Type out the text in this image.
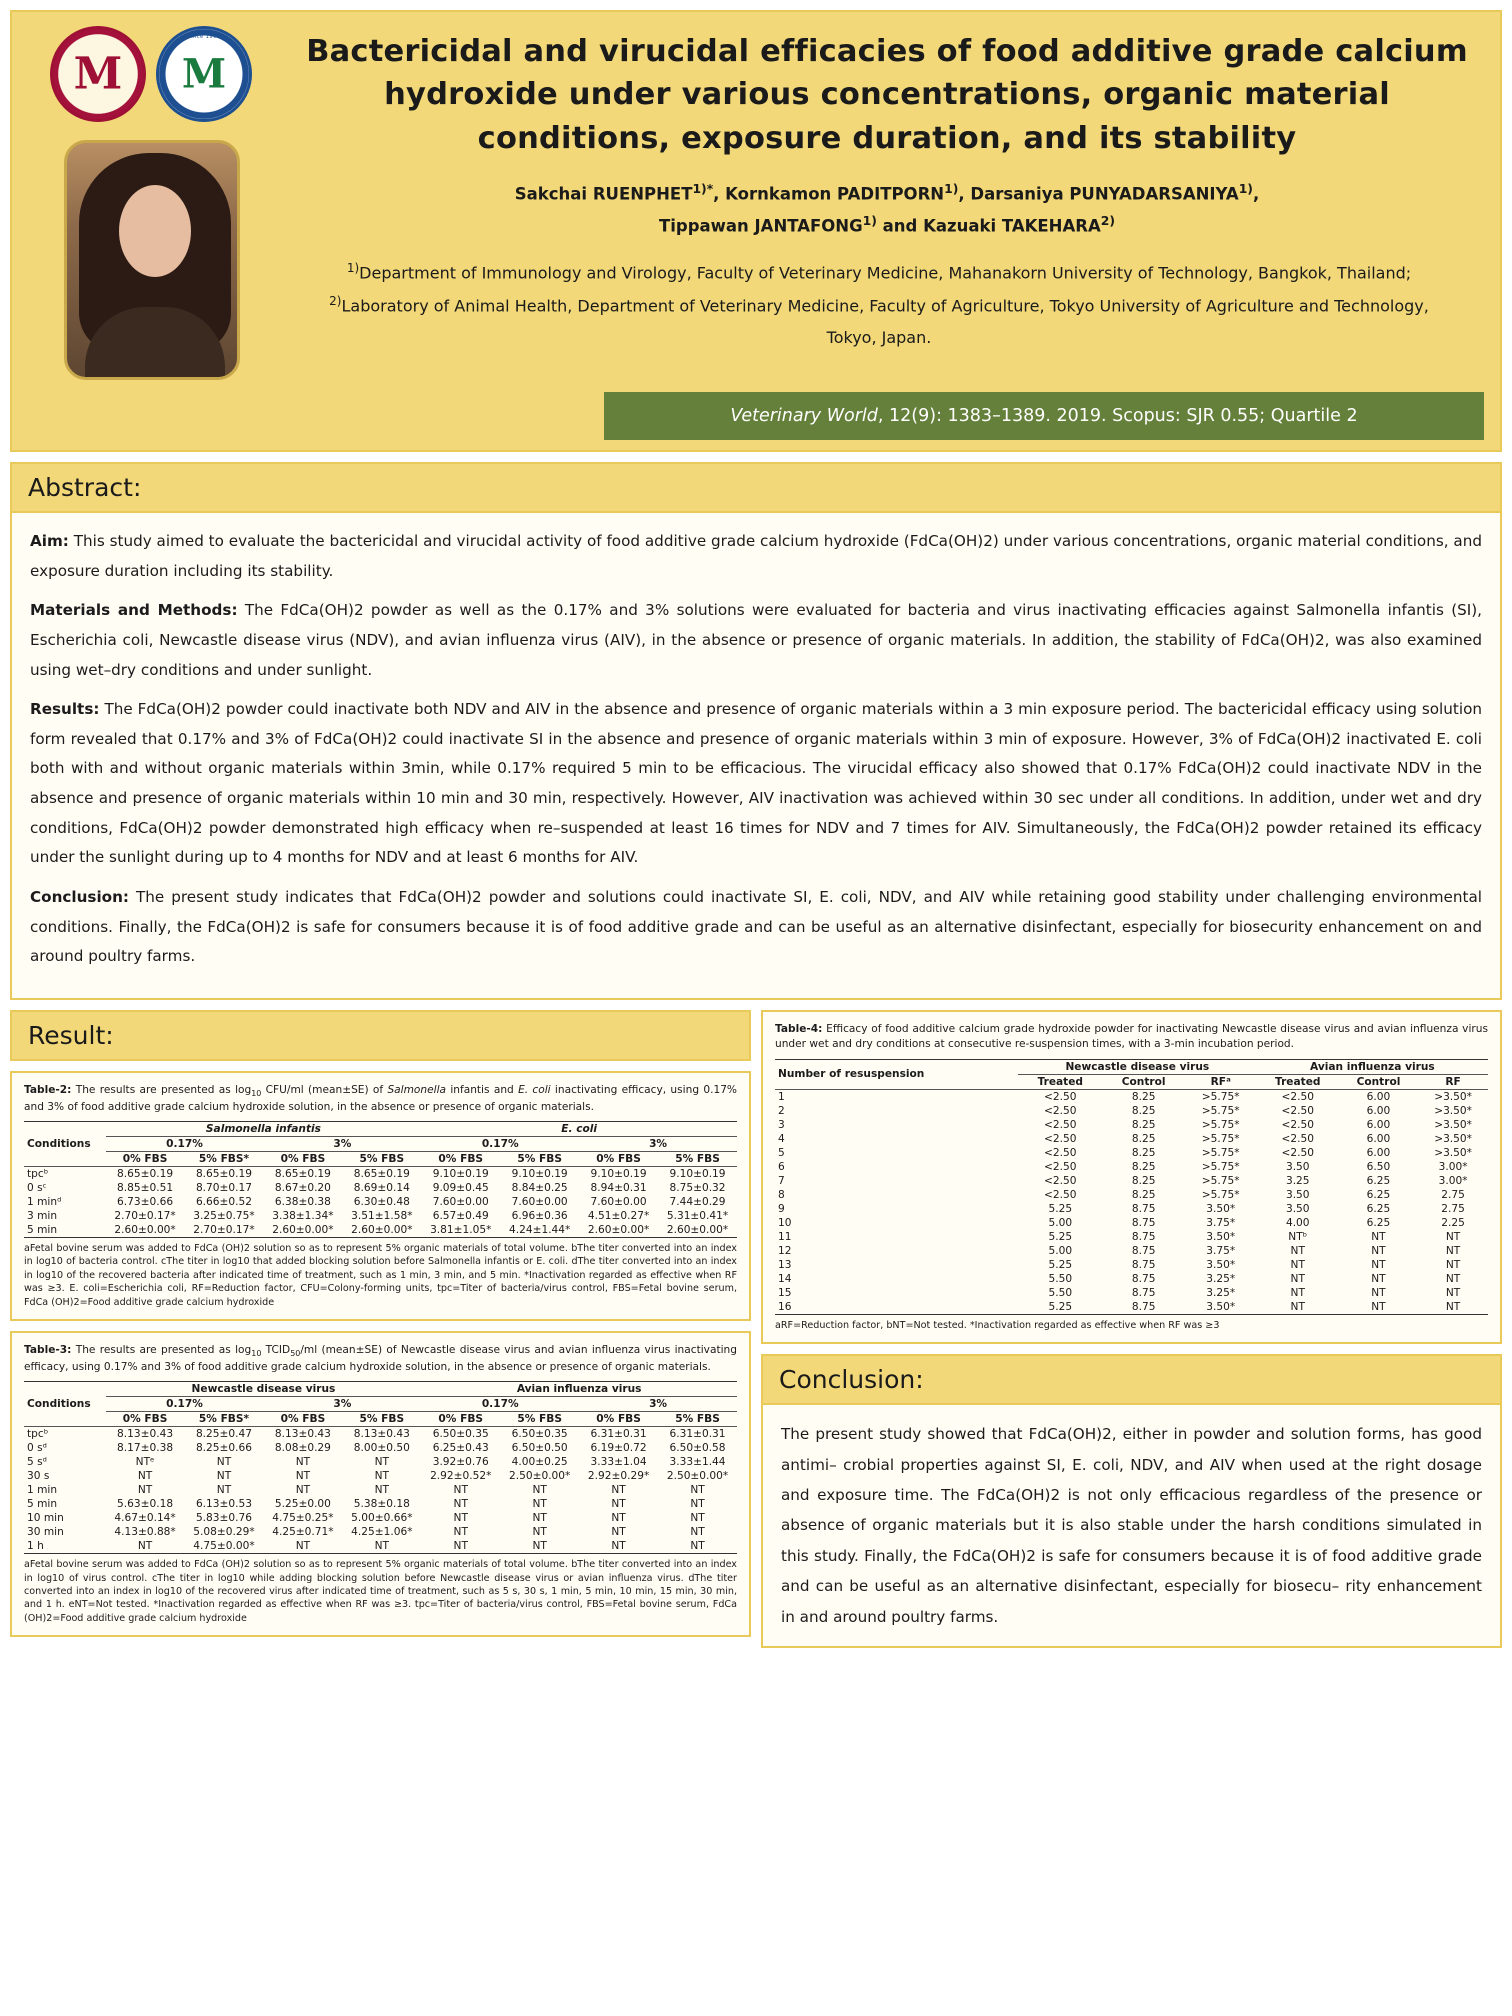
M
Since 1967
M	Bactericidal and virucidal efficacies of food additive grade calcium hydroxide under various concentrations, organic material conditions, exposure duration, and its stability
Sakchai $RUENPHET^{1)*}$, Kornkamon PADITPORN$^{1)}$, Darsaniya PUNYADARSANIYA$^{1)}$,
Tippawan JANTAFONG$^{1)}$ and Kazuaki TAKEHARA$^{2)}$
$^{1)}$Department of Immunology and Virology, Faculty of Veterinary Medicine, Mahanakorn University of Technology, Bangkok, Thailand; $^{2)}$Laboratory of Animal Health, Department of Veterinary Medicine, Faculty of Agriculture, Tokyo University of Agriculture and Technology, Tokyo, Japan.
Veterinary World, 12(9): 1383–1389. 2019. Scopus: SJR 0.55; Quartile 2
Abstract:

Aim: This study aimed to evaluate the bactericidal and virucidal activity of food additive grade calcium hydroxide (FdCa(OH)2) under various concentrations, organic material conditions, and exposure duration including its stability.

Materials and Methods: The FdCa(OH)2 powder as well as the 0.17% and 3% solutions were evaluated for bacteria and virus inactivating efficacies against Salmonella infantis (SI), Escherichia coli, Newcastle disease virus (NDV), and avian influenza virus (AIV), in the absence or presence of organic materials. In addition, the stability of FdCa(OH)2, was also examined using wet–dry conditions and under sunlight.

Results: The FdCa(OH)2 powder could inactivate both NDV and AIV in the absence and presence of organic materials within a 3 min exposure period. The bactericidal efficacy using solution form revealed that 0.17% and 3% of FdCa(OH)2 could inactivate SI in the absence and presence of organic materials within 3 min of exposure. However, 3% of FdCa(OH)2 inactivated E. coli both with and without organic materials within 3min, while 0.17% required 5 min to be efficacious. The virucidal efficacy also showed that 0.17% FdCa(OH)2 could inactivate NDV in the absence and presence of organic materials within 10 min and 30 min, respectively. However, AIV inactivation was achieved within 30 sec under all conditions. In addition, under wet and dry conditions, FdCa(OH)2 powder demonstrated high efficacy when re–suspended at least 16 times for NDV and 7 times for AIV. Simultaneously, the FdCa(OH)2 powder retained its efficacy under the sunlight during up to 4 months for NDV and at least 6 months for AIV.

Conclusion: The present study indicates that FdCa(OH)2 powder and solutions could inactivate SI, E. coli, NDV, and AIV while retaining good stability under challenging environmental conditions. Finally, the FdCa(OH)2 is safe for consumers because it is of food additive grade and can be useful as an alternative disinfectant, especially for biosecurity enhancement on and around poultry farms.

Result:
Table-2: The results are presented as $\log_{10} CFU/ml$ (mean±SE) of Salmonella infantis and E. coli inactivating efficacy, using 0.17% and 3% of food additive grade calcium hydroxide solution, in the absence or presence of organic materials.
Conditions	Salmonella infantis				E. coli			
	0.17%		3%		0.17%		3%	
	0% FBS	5% FBS*	0% FBS	5% FBS	0% FBS	5% FBS	0% FBS	5% FBS
tpcᵇ	8.65±0.19	8.65±0.19	8.65±0.19	8.65±0.19	9.10±0.19	9.10±0.19	9.10±0.19	9.10±0.19
0 sᶜ	8.85±0.51	8.70±0.17	8.67±0.20	8.69±0.14	9.09±0.45	8.84±0.25	8.94±0.31	8.75±0.32
1 minᵈ	6.73±0.66	6.66±0.52	6.38±0.38	6.30±0.48	7.60±0.00	7.60±0.00	7.60±0.00	7.44±0.29
3 min	2.70±0.17*	3.25±0.75*	3.38±1.34*	3.51±1.58*	6.57±0.49	6.96±0.36	4.51±0.27*	5.31±0.41*
5 min	2.60±0.00*	2.70±0.17*	2.60±0.00*	2.60±0.00*	3.81±1.05*	4.24±1.44*	2.60±0.00*	2.60±0.00*
aFetal bovine serum was added to FdCa (OH)2 solution so as to represent 5% organic materials of total volume. bThe titer converted into an index in log10 of bacteria control. cThe titer in log10 that added blocking solution before Salmonella infantis or E. coli. dThe titer converted into an index in log10 of the recovered bacteria after indicated time of treatment, such as 1 min, 3 min, and 5 min. *Inactivation regarded as effective when RF was ≥3. E. coli=Escherichia coli, RF=Reduction factor, CFU=Colony-forming units, tpc=Titer of bacteria/virus control, FBS=Fetal bovine serum, FdCa (OH)2=Food additive grade calcium hydroxide
Table-3: The results are presented as $\log_{10}$ $TCID_{50}/ml$ (mean±SE) of Newcastle disease virus and avian influenza virus inactivating efficacy, using 0.17% and 3% of food additive grade calcium hydroxide solution, in the absence or presence of organic materials.
Conditions	Newcastle disease virus				Avian influenza virus			
	0.17%		3%		0.17%		3%	
	0% FBS	5% FBS*	0% FBS	5% FBS	0% FBS	5% FBS	0% FBS	5% FBS
tpcᵇ	8.13±0.43	8.25±0.47	8.13±0.43	8.13±0.43	6.50±0.35	6.50±0.35	6.31±0.31	6.31±0.31
0 sᵈ	8.17±0.38	8.25±0.66	8.08±0.29	8.00±0.50	6.25±0.43	6.50±0.50	6.19±0.72	6.50±0.58
5 sᵈ	NTᵉ	NT	NT	NT	3.92±0.76	4.00±0.25	3.33±1.04	3.33±1.44
30 s	NT	NT	NT	NT	2.92±0.52*	2.50±0.00*	2.92±0.29*	2.50±0.00*
1 min	NT	NT	NT	NT	NT	NT	NT	NT
5 min	5.63±0.18	6.13±0.53	5.25±0.00	5.38±0.18	NT	NT	NT	NT
10 min	4.67±0.14*	5.83±0.76	4.75±0.25*	5.00±0.66*	NT	NT	NT	NT
30 min	4.13±0.88*	5.08±0.29*	4.25±0.71*	4.25±1.06*	NT	NT	NT	NT
1 h	NT	4.75±0.00*	NT	NT	NT	NT	NT	NT
aFetal bovine serum was added to FdCa (OH)2 solution so as to represent 5% organic materials of total volume. bThe titer converted into an index in log10 of virus control. cThe titer in log10 while adding blocking solution before Newcastle disease virus or avian influenza virus. dThe titer converted into an index in log10 of the recovered virus after indicated time of treatment, such as 5 s, 30 s, 1 min, 5 min, 10 min, 15 min, 30 min, and 1 h. eNT=Not tested. *Inactivation regarded as effective when RF was ≥3. tpc=Titer of bacteria/virus control, FBS=Fetal bovine serum, FdCa (OH)2=Food additive grade calcium hydroxide
Table-4: Efficacy of food additive calcium grade hydroxide powder for inactivating Newcastle disease virus and avian influenza virus under wet and dry conditions at consecutive re-suspension times, with a 3-min incubation period.
Number of resuspension	Newcastle disease virus			Avian influenza virus		
	Treated	Control	RFᵃ	Treated	Control	RF
1	<2.50	8.25	>5.75*	<2.50	6.00	>3.50*
2	<2.50	8.25	>5.75*	<2.50	6.00	>3.50*
3	<2.50	8.25	>5.75*	<2.50	6.00	>3.50*
4	<2.50	8.25	>5.75*	<2.50	6.00	>3.50*
5	<2.50	8.25	>5.75*	<2.50	6.00	>3.50*
6	<2.50	8.25	>5.75*	3.50	6.50	3.00*
7	<2.50	8.25	>5.75*	3.25	6.25	3.00*
8	<2.50	8.25	>5.75*	3.50	6.25	2.75
9	5.25	8.75	3.50*	3.50	6.25	2.75
10	5.00	8.75	3.75*	4.00	6.25	2.25
11	5.25	8.75	3.50*	NTᵇ	NT	NT
12	5.00	8.75	3.75*	NT	NT	NT
13	5.25	8.75	3.50*	NT	NT	NT
14	5.50	8.75	3.25*	NT	NT	NT
15	5.50	8.75	3.25*	NT	NT	NT
16	5.25	8.75	3.50*	NT	NT	NT
aRF=Reduction factor, bNT=Not tested. *Inactivation regarded as effective when RF was ≥3
Conclusion:
The present study showed that FdCa(OH)2, either in powder and solution forms, has good antimi– crobial properties against SI, E. coli, NDV, and AIV when used at the right dosage and exposure time. The FdCa(OH)2 is not only efficacious regardless of the presence or absence of organic materials but it is also stable under the harsh conditions simulated in this study. Finally, the FdCa(OH)2 is safe for consumers because it is of food additive grade and can be useful as an alternative disinfectant, especially for biosecu– rity enhancement in and around poultry farms.
